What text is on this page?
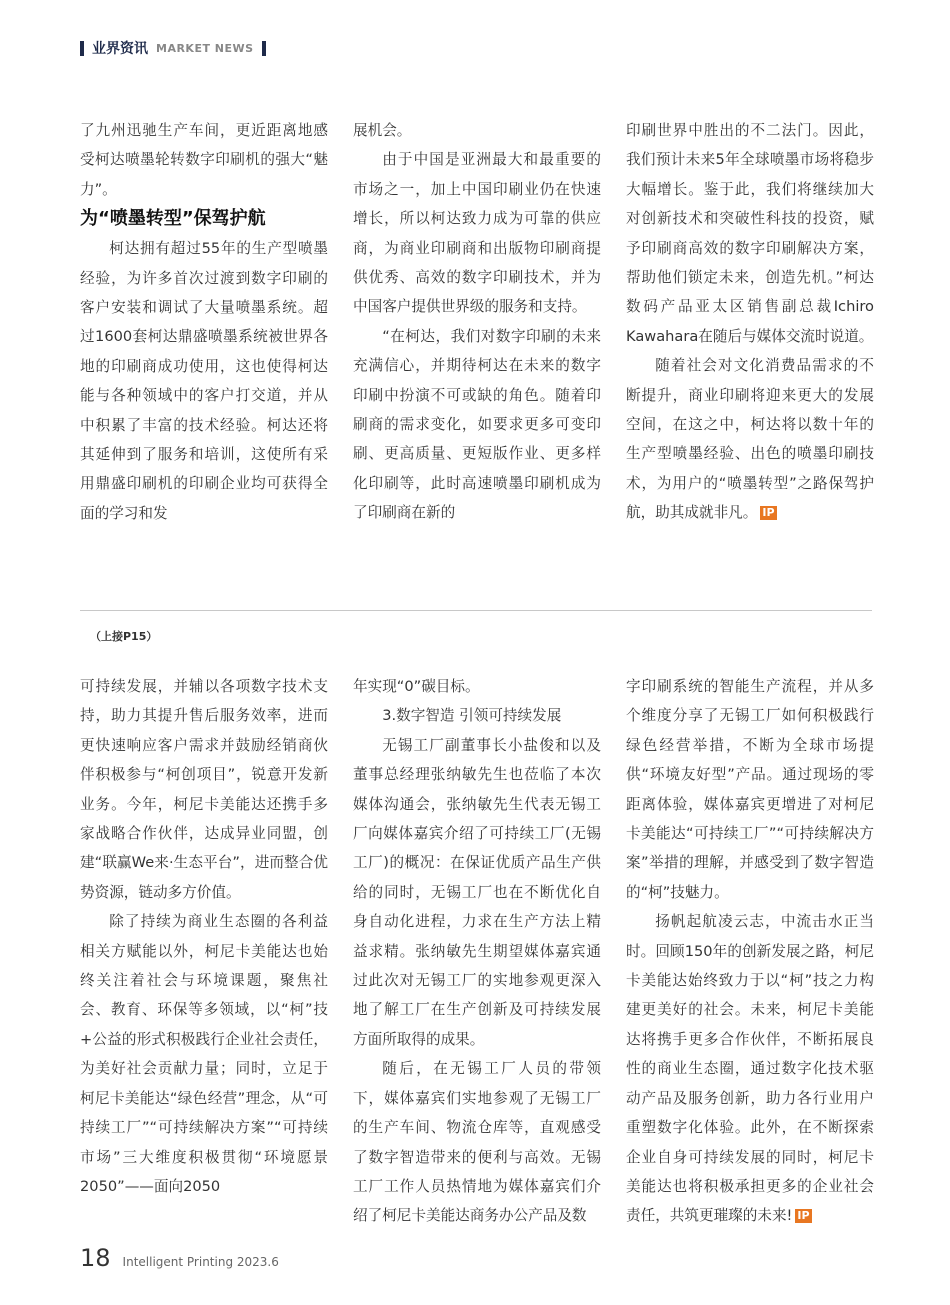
业界资讯 MARKET NEWS

了九州迅驰生产车间，更近距离地感受柯达喷墨轮转数字印刷机的强大“魅力”。

为“喷墨转型”保驾护航

柯达拥有超过55年的生产型喷墨经验，为许多首次过渡到数字印刷的客户安装和调试了大量喷墨系统。超过1600套柯达鼎盛喷墨系统被世界各地的印刷商成功使用，这也使得柯达能与各种领域中的客户打交道，并从中积累了丰富的技术经验。柯达还将其延伸到了服务和培训，这使所有采用鼎盛印刷机的印刷企业均可获得全面的学习和发

展机会。

由于中国是亚洲最大和最重要的市场之一，加上中国印刷业仍在快速增长，所以柯达致力成为可靠的供应商，为商业印刷商和出版物印刷商提供优秀、高效的数字印刷技术，并为中国客户提供世界级的服务和支持。

“在柯达，我们对数字印刷的未来充满信心，并期待柯达在未来的数字印刷中扮演不可或缺的角色。随着印刷商的需求变化，如要求更多可变印刷、更高质量、更短版作业、更多样化印刷等，此时高速喷墨印刷机成为了印刷商在新的

印刷世界中胜出的不二法门。因此，我们预计未来5年全球喷墨市场将稳步大幅增长。鉴于此，我们将继续加大对创新技术和突破性科技的投资，赋予印刷商高效的数字印刷解决方案，帮助他们锁定未来，创造先机。”柯达数码产品亚太区销售副总裁Ichiro Kawahara在随后与媒体交流时说道。

随着社会对文化消费品需求的不断提升，商业印刷将迎来更大的发展空间，在这之中，柯达将以数十年的生产型喷墨经验、出色的喷墨印刷技术，为用户的“喷墨转型”之路保驾护航，助其成就非凡。 IP

（上接P15）

可持续发展，并辅以各项数字技术支持，助力其提升售后服务效率，进而更快速响应客户需求并鼓励经销商伙伴积极参与“柯创项目”，锐意开发新业务。今年，柯尼卡美能达还携手多家战略合作伙伴，达成异业同盟，创建“联赢We来·生态平台”，进而整合优势资源，链动多方价值。

除了持续为商业生态圈的各利益相关方赋能以外，柯尼卡美能达也始终关注着社会与环境课题，聚焦社会、教育、环保等多领域，以“柯”技+公益的形式积极践行企业社会责任，为美好社会贡献力量；同时，立足于柯尼卡美能达“绿色经营”理念，从“可持续工厂”“可持续解决方案”“可持续市场”三大维度积极贯彻“环境愿景2050”——面向2050

年实现“0”碳目标。

3.数字智造 引领可持续发展

无锡工厂副董事长小盐俊和以及董事总经理张纳敏先生也莅临了本次媒体沟通会，张纳敏先生代表无锡工厂向媒体嘉宾介绍了可持续工厂(无锡工厂)的概况：在保证优质产品生产供给的同时，无锡工厂也在不断优化自身自动化进程，力求在生产方法上精益求精。张纳敏先生期望媒体嘉宾通过此次对无锡工厂的实地参观更深入地了解工厂在生产创新及可持续发展方面所取得的成果。

随后，在无锡工厂人员的带领下，媒体嘉宾们实地参观了无锡工厂的生产车间、物流仓库等，直观感受了数字智造带来的便利与高效。无锡工厂工作人员热情地为媒体嘉宾们介绍了柯尼卡美能达商务办公产品及数

字印刷系统的智能生产流程，并从多个维度分享了无锡工厂如何积极践行绿色经营举措，不断为全球市场提供“环境友好型”产品。通过现场的零距离体验，媒体嘉宾更增进了对柯尼卡美能达“可持续工厂”“可持续解决方案”举措的理解，并感受到了数字智造的“柯”技魅力。

扬帆起航凌云志，中流击水正当时。回顾150年的创新发展之路，柯尼卡美能达始终致力于以“柯”技之力构建更美好的社会。未来，柯尼卡美能达将携手更多合作伙伴，不断拓展良性的商业生态圈，通过数字化技术驱动产品及服务创新，助力各行业用户重塑数字化体验。此外，在不断探索企业自身可持续发展的同时，柯尼卡美能达也将积极承担更多的企业社会责任，共筑更璀璨的未来! IP

18 Intelligent Printing 2023.6
